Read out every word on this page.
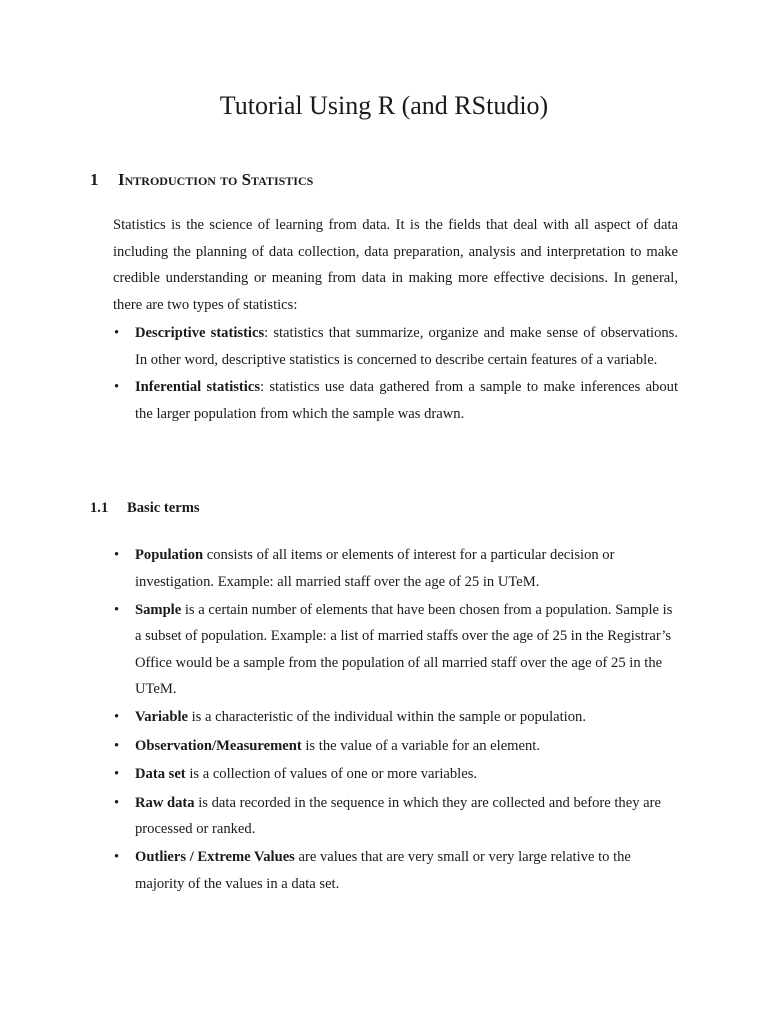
Tutorial Using R (and RStudio)
1 Introduction to Statistics

Statistics is the science of learning from data. It is the fields that deal with all aspect of data including the planning of data collection, data preparation, analysis and interpretation to make credible understanding or meaning from data in making more effective decisions. In general, there are two types of statistics:

• Descriptive statistics: statistics that summarize, organize and make sense of observations. In other word, descriptive statistics is concerned to describe certain features of a variable.
• Inferential statistics: statistics use data gathered from a sample to make inferences about the larger population from which the sample was drawn.
1.1 Basic terms
• Population consists of all items or elements of interest for a particular decision or investigation. Example: all married staff over the age of 25 in UTeM.
• Sample is a certain number of elements that have been chosen from a population. Sample is a subset of population. Example: a list of married staffs over the age of 25 in the Registrar’s Office would be a sample from the population of all married staff over the age of 25 in the UTeM.
• Variable is a characteristic of the individual within the sample or population.
• Observation/Measurement is the value of a variable for an element.
• Data set is a collection of values of one or more variables.
• Raw data is data recorded in the sequence in which they are collected and before they are processed or ranked.
• Outliers / Extreme Values are values that are very small or very large relative to the majority of the values in a data set.
